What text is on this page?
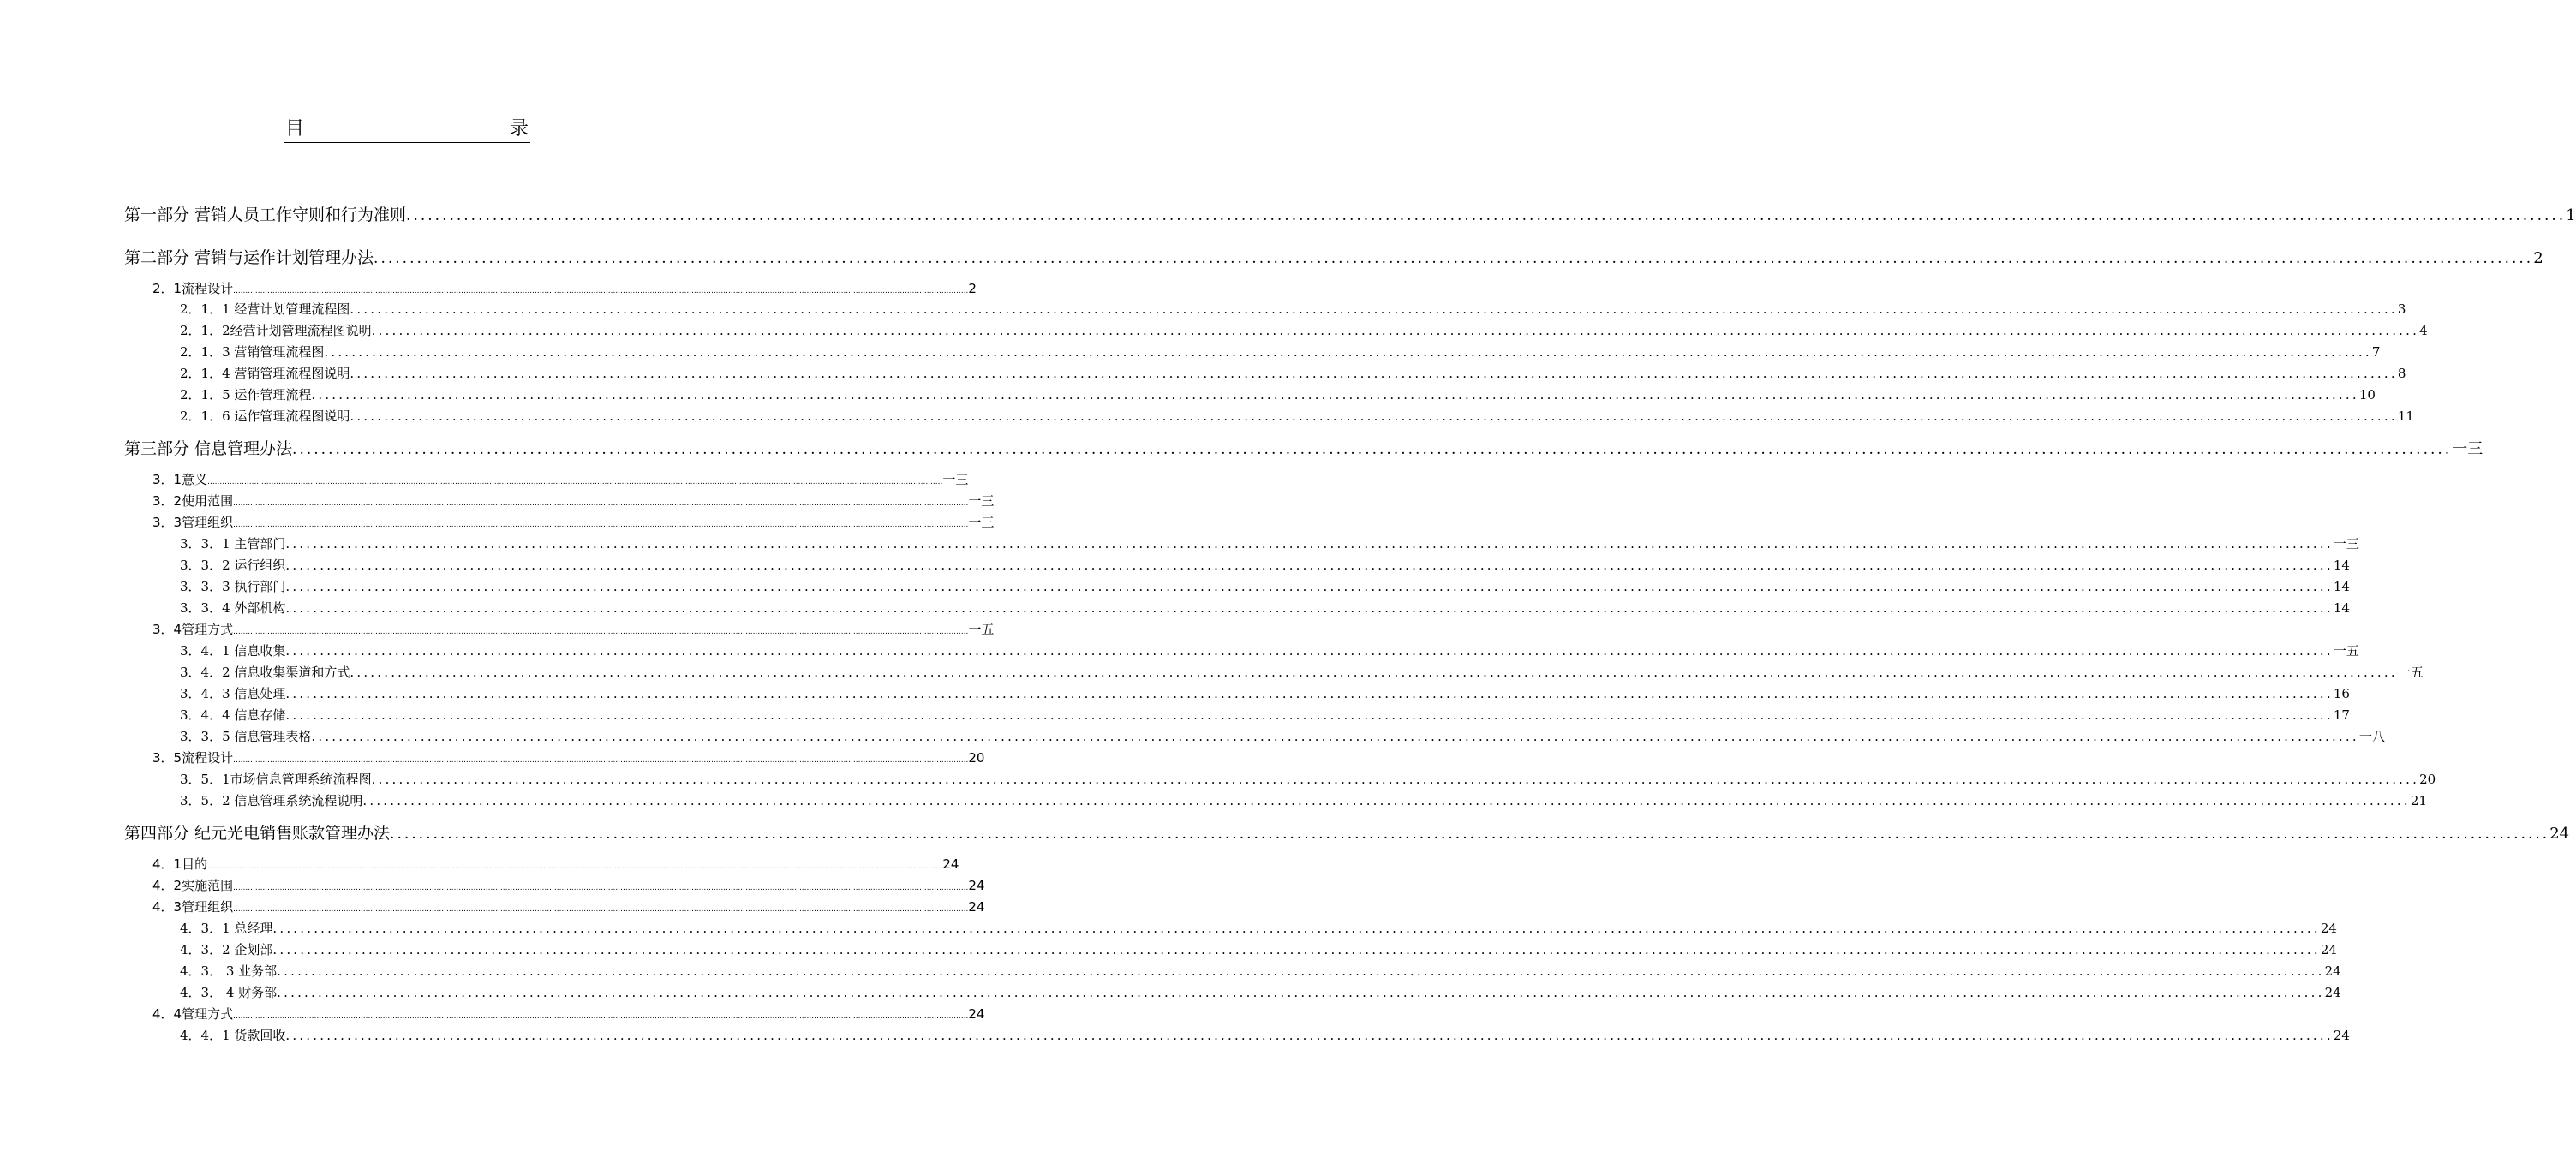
目	录
第一部分 营销人员工作守则和行为准则 ............................................................................................................................................................................................................................................................................................................ 1
第二部分 营销与运作计划管理办法 ............................................................................................................................................................................................................................................................................................................ 2
2．1流程设计 ............................................................................................................................................................................................................................................................................................................ 2
2．1．1 经营计划管理流程图 ............................................................................................................................................................................................................................................................................................................ 3
2．1．2经营计划管理流程图说明 ............................................................................................................................................................................................................................................................................................................ 4
2．1．3 营销管理流程图 ............................................................................................................................................................................................................................................................................................................ 7
2．1．4 营销管理流程图说明 ............................................................................................................................................................................................................................................................................................................ 8
2．1．5 运作管理流程 ............................................................................................................................................................................................................................................................................................................ 10
2．1．6 运作管理流程图说明 ............................................................................................................................................................................................................................................................................................................ 11
第三部分 信息管理办法 ............................................................................................................................................................................................................................................................................................................ 一三
3．1意义 ............................................................................................................................................................................................................................................................................................................ 一三
3．2使用范围 ............................................................................................................................................................................................................................................................................................................ 一三
3．3管理组织 ............................................................................................................................................................................................................................................................................................................ 一三
3．3．1 主管部门 ............................................................................................................................................................................................................................................................................................................ 一三
3．3．2 运行组织 ............................................................................................................................................................................................................................................................................................................ 14
3．3．3 执行部门 ............................................................................................................................................................................................................................................................................................................ 14
3．3．4 外部机构 ............................................................................................................................................................................................................................................................................................................ 14
3．4管理方式 ............................................................................................................................................................................................................................................................................................................ 一五
3．4．1 信息收集 ............................................................................................................................................................................................................................................................................................................ 一五
3．4．2 信息收集渠道和方式 ............................................................................................................................................................................................................................................................................................................ 一五
3．4．3 信息处理 ............................................................................................................................................................................................................................................................................................................ 16
3．4．4 信息存储 ............................................................................................................................................................................................................................................................................................................ 17
3．3．5 信息管理表格 ............................................................................................................................................................................................................................................................................................................ 一八
3．5流程设计 ............................................................................................................................................................................................................................................................................................................ 20
3．5．1市场信息管理系统流程图 ............................................................................................................................................................................................................................................................................................................ 20
3．5．2 信息管理系统流程说明 ............................................................................................................................................................................................................................................................................................................ 21
第四部分 纪元光电销售账款管理办法 ............................................................................................................................................................................................................................................................................................................ 24
4．1目的 ............................................................................................................................................................................................................................................................................................................ 24
4．2实施范围 ............................................................................................................................................................................................................................................................................................................ 24
4．3管理组织 ............................................................................................................................................................................................................................................................................................................ 24
4．3．1 总经理 ............................................................................................................................................................................................................................................................................................................ 24
4．3．2 企划部 ............................................................................................................................................................................................................................................................................................................ 24
4．3． 3 业务部 ............................................................................................................................................................................................................................................................................................................ 24
4．3． 4 财务部 ............................................................................................................................................................................................................................................................................................................ 24
4．4管理方式 ............................................................................................................................................................................................................................................................................................................ 24
4．4．1 货款回收 ............................................................................................................................................................................................................................................................................................................ 24
